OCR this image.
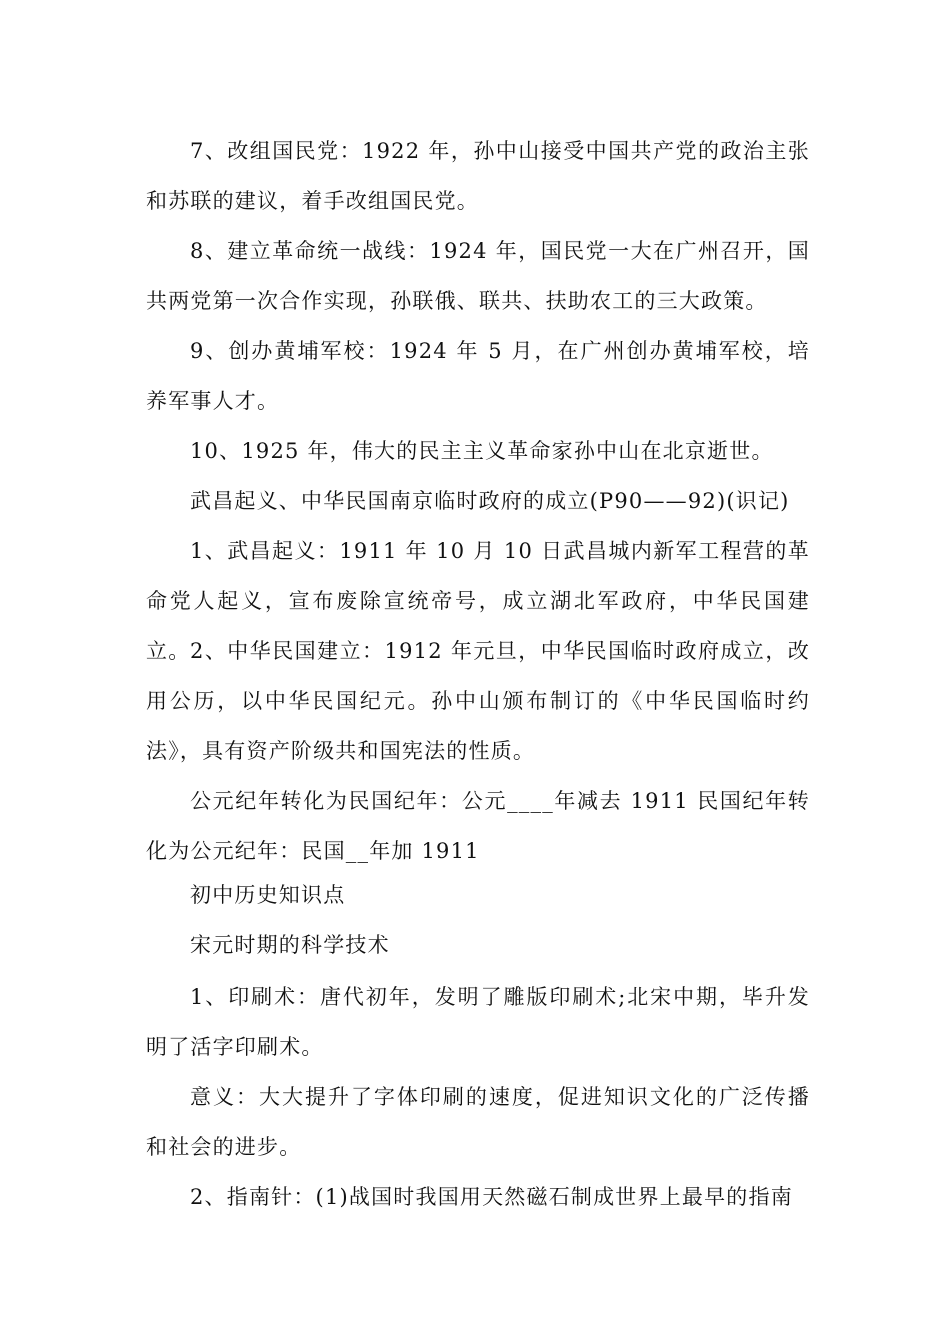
7、改组国民党：1922 年，孙中山接受中国共产党的政治主张和苏联的建议，着手改组国民党。

8、建立革命统一战线：1924 年，国民党一大在广州召开，国共两党第一次合作实现，孙联俄、联共、扶助农工的三大政策。

9、创办黄埔军校：1924 年 5 月，在广州创办黄埔军校，培养军事人才。

10、1925 年，伟大的民主主义革命家孙中山在北京逝世。

武昌起义、中华民国南京临时政府的成立(P90——92)(识记)

1、武昌起义：1911 年 10 月 10 日武昌城内新军工程营的革命党人起义，宣布废除宣统帝号，成立湖北军政府，中华民国建立。 2、中华民国建立：1912 年元旦，中华民国临时政府成立，改用公历，以中华民国纪元。孙中山颁布制订的《中华民国临时约法》，具有资产阶级共和国宪法的性质。

公元纪年转化为民国纪年：公元____年减去 1911 民国纪年转化为公元纪年：民国__年加 1911

初中历史知识点

宋元时期的科学技术

1、印刷术：唐代初年，发明了雕版印刷术;北宋中期，毕升发明了活字印刷术。

意义：大大提升了字体印刷的速度，促进知识文化的广泛传播和社会的进步。

2、指南针：(1)战国时我国用天然磁石制成世界上最早的指南
